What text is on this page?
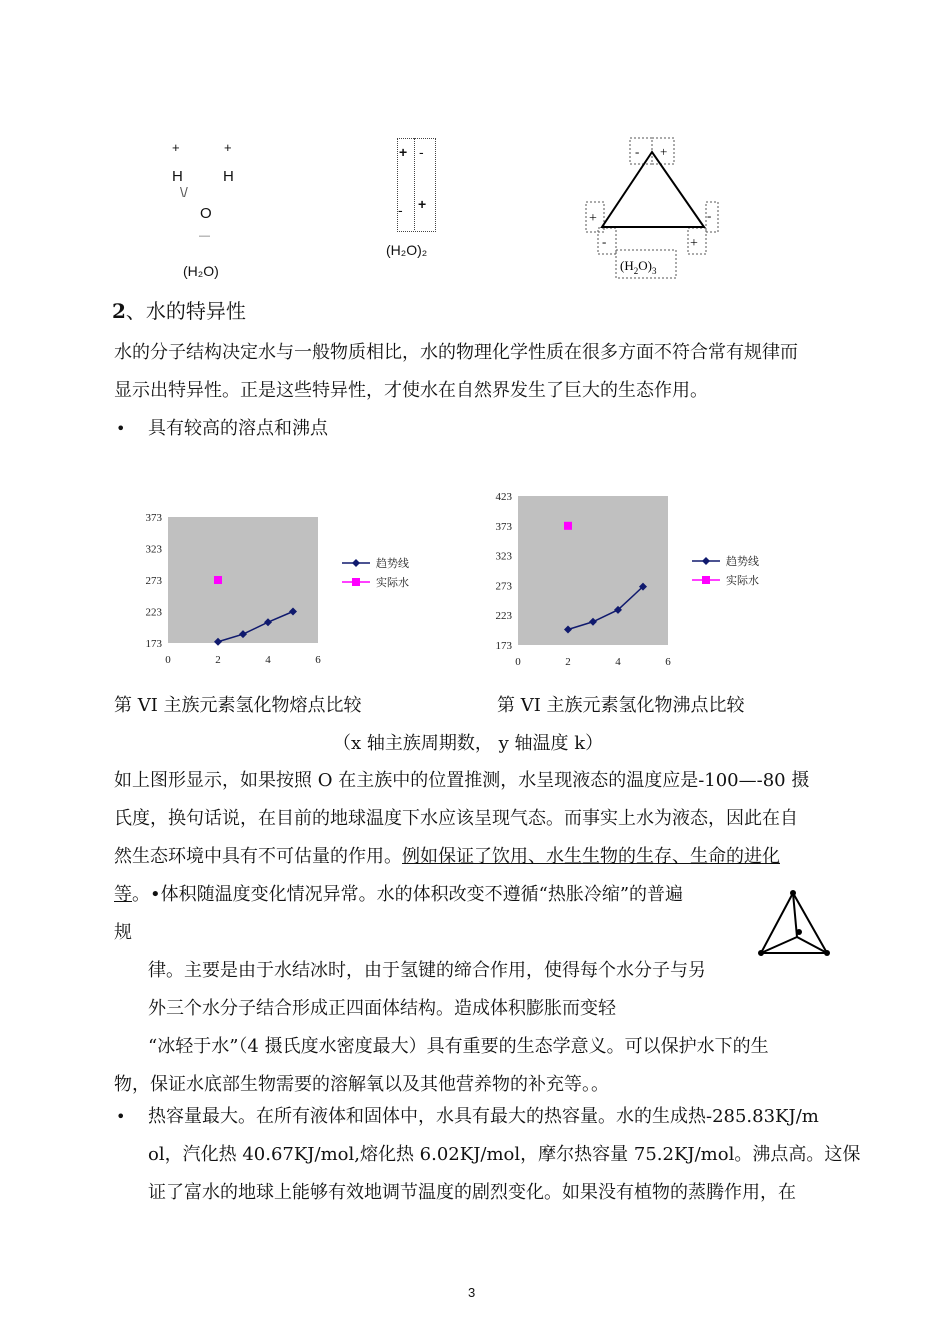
+	+
H	H
\/
O
—
(H₂O)
+ -
- +
(H₂O)₂
- +
+	-
-	+
$(H_2O)_3$
2、水的特异性
水的分子结构决定水与一般物质相比，水的物理化学性质在很多方面不符合常有规律而
显示出特异性。正是这些特异性，才使水在自然界发生了巨大的生态作用。
• 具有较高的溶点和沸点
173
223
273
323
373
0	2	4	6
趋势线
实际水
173
223
273
323
373
423
0	2	4	6
趋势线
实际水
第 VI 主族元素氢化物熔点比较	第 VI 主族元素氢化物沸点比较
（x 轴主族周期数， y 轴温度 k）
如上图形显示，如果按照 O 在主族中的位置推测，水呈现液态的温度应是-100—-80 摄
氏度，换句话说，在目前的地球温度下水应该呈现气态。而事实上水为液态，因此在自
然生态环境中具有不可估量的作用。例如保证了饮用、水生生物的生存、生命的进化
等。•体积随温度变化情况异常。水的体积改变不遵循“热胀冷缩”的普遍
规
律。主要是由于水结冰时，由于氢键的缔合作用，使得每个水分子与另
外三个水分子结合形成正四面体结构。造成体积膨胀而变轻
“冰轻于水”（4 摄氏度水密度最大）具有重要的生态学意义。可以保护水下的生
物，保证水底部生物需要的溶解氧以及其他营养物的补充等。。
• 热容量最大。在所有液体和固体中，水具有最大的热容量。水的生成热-285.83KJ/m
ol，汽化热 40.67KJ/mol,熔化热 6.02KJ/mol，摩尔热容量 75.2KJ/mol。沸点高。这保
证了富水的地球上能够有效地调节温度的剧烈变化。如果没有植物的蒸腾作用，在
3
